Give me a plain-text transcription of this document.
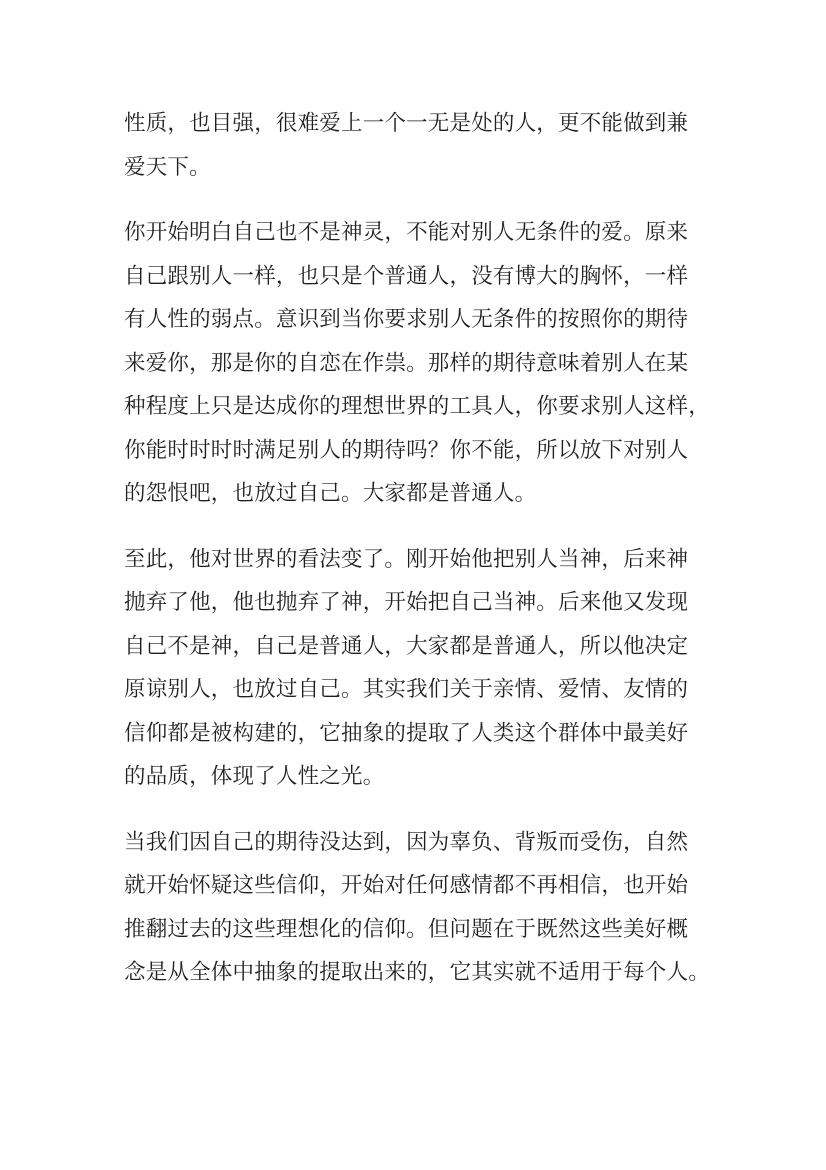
性质，也目强，很难爱上一个一无是处的人，更不能做到兼
爱天下。

你开始明白自己也不是神灵，不能对别人无条件的爱。原来
自己跟别人一样，也只是个普通人，没有博大的胸怀，一样
有人性的弱点。意识到当你要求别人无条件的按照你的期待
来爱你，那是你的自恋在作祟。那样的期待意味着别人在某
种程度上只是达成你的理想世界的工具人，你要求别人这样，
你能时时时时满足别人的期待吗？你不能，所以放下对别人
的怨恨吧，也放过自己。大家都是普通人。

至此，他对世界的看法变了。刚开始他把别人当神，后来神
抛弃了他，他也抛弃了神，开始把自己当神。后来他又发现
自己不是神，自己是普通人，大家都是普通人，所以他决定
原谅别人，也放过自己。其实我们关于亲情、爱情、友情的
信仰都是被构建的，它抽象的提取了人类这个群体中最美好
的品质，体现了人性之光。

当我们因自己的期待没达到，因为辜负、背叛而受伤，自然
就开始怀疑这些信仰，开始对任何感情都不再相信，也开始
推翻过去的这些理想化的信仰。但问题在于既然这些美好概
念是从全体中抽象的提取出来的，它其实就不适用于每个人。
